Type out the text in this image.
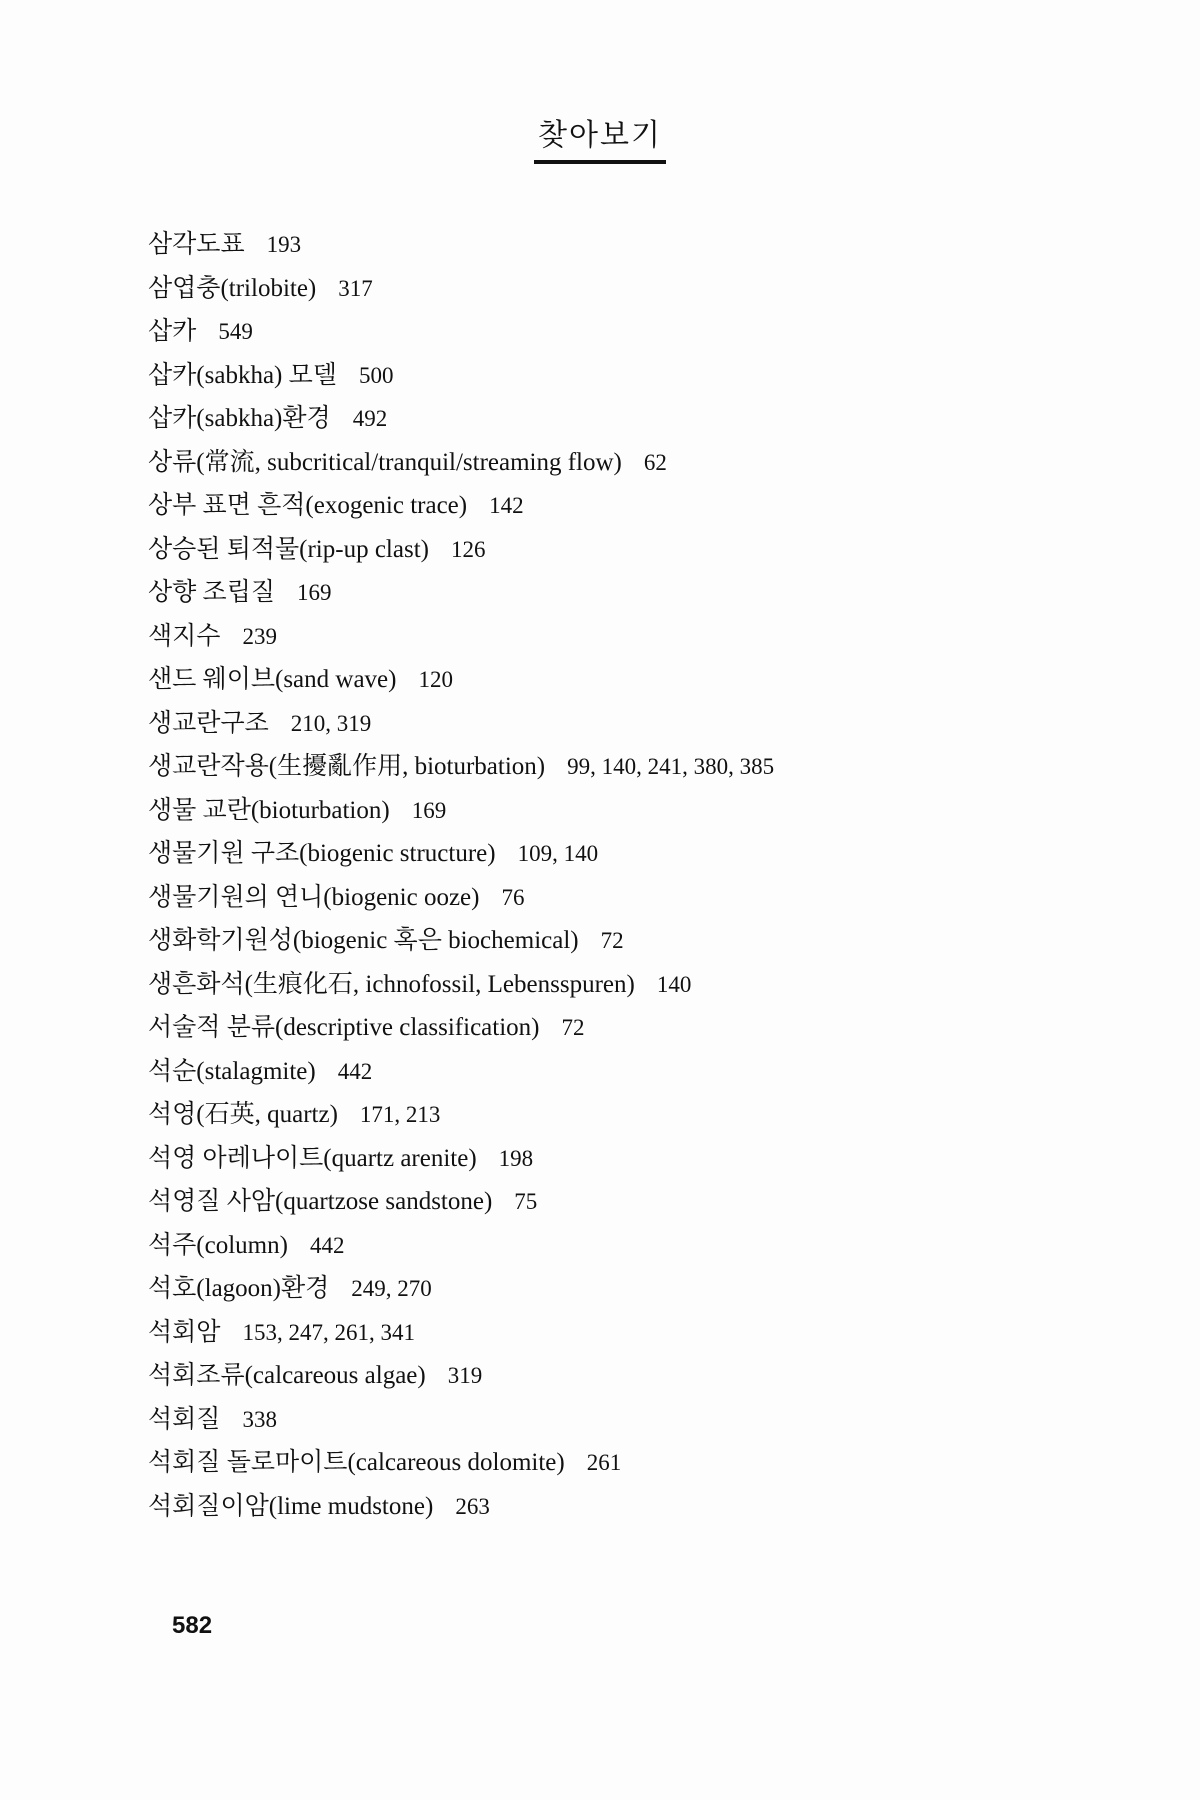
찾아보기
삼각도표 193
삼엽충(trilobite) 317
삽카 549
삽카(sabkha) 모델 500
삽카(sabkha)환경 492
상류(常流, subcritical/tranquil/streaming flow) 62
상부 표면 흔적(exogenic trace) 142
상승된 퇴적물(rip-up clast) 126
상향 조립질 169
색지수 239
샌드 웨이브(sand wave) 120
생교란구조 210, 319
생교란작용(生擾亂作用, bioturbation) 99, 140, 241, 380, 385
생물 교란(bioturbation) 169
생물기원 구조(biogenic structure) 109, 140
생물기원의 연니(biogenic ooze) 76
생화학기원성(biogenic 혹은 biochemical) 72
생흔화석(生痕化石, ichnofossil, Lebensspuren) 140
서술적 분류(descriptive classification) 72
석순(stalagmite) 442
석영(石英, quartz) 171, 213
석영 아레나이트(quartz arenite) 198
석영질 사암(quartzose sandstone) 75
석주(column) 442
석호(lagoon)환경 249, 270
석회암 153, 247, 261, 341
석회조류(calcareous algae) 319
석회질 338
석회질 돌로마이트(calcareous dolomite) 261
석회질이암(lime mudstone) 263
582
